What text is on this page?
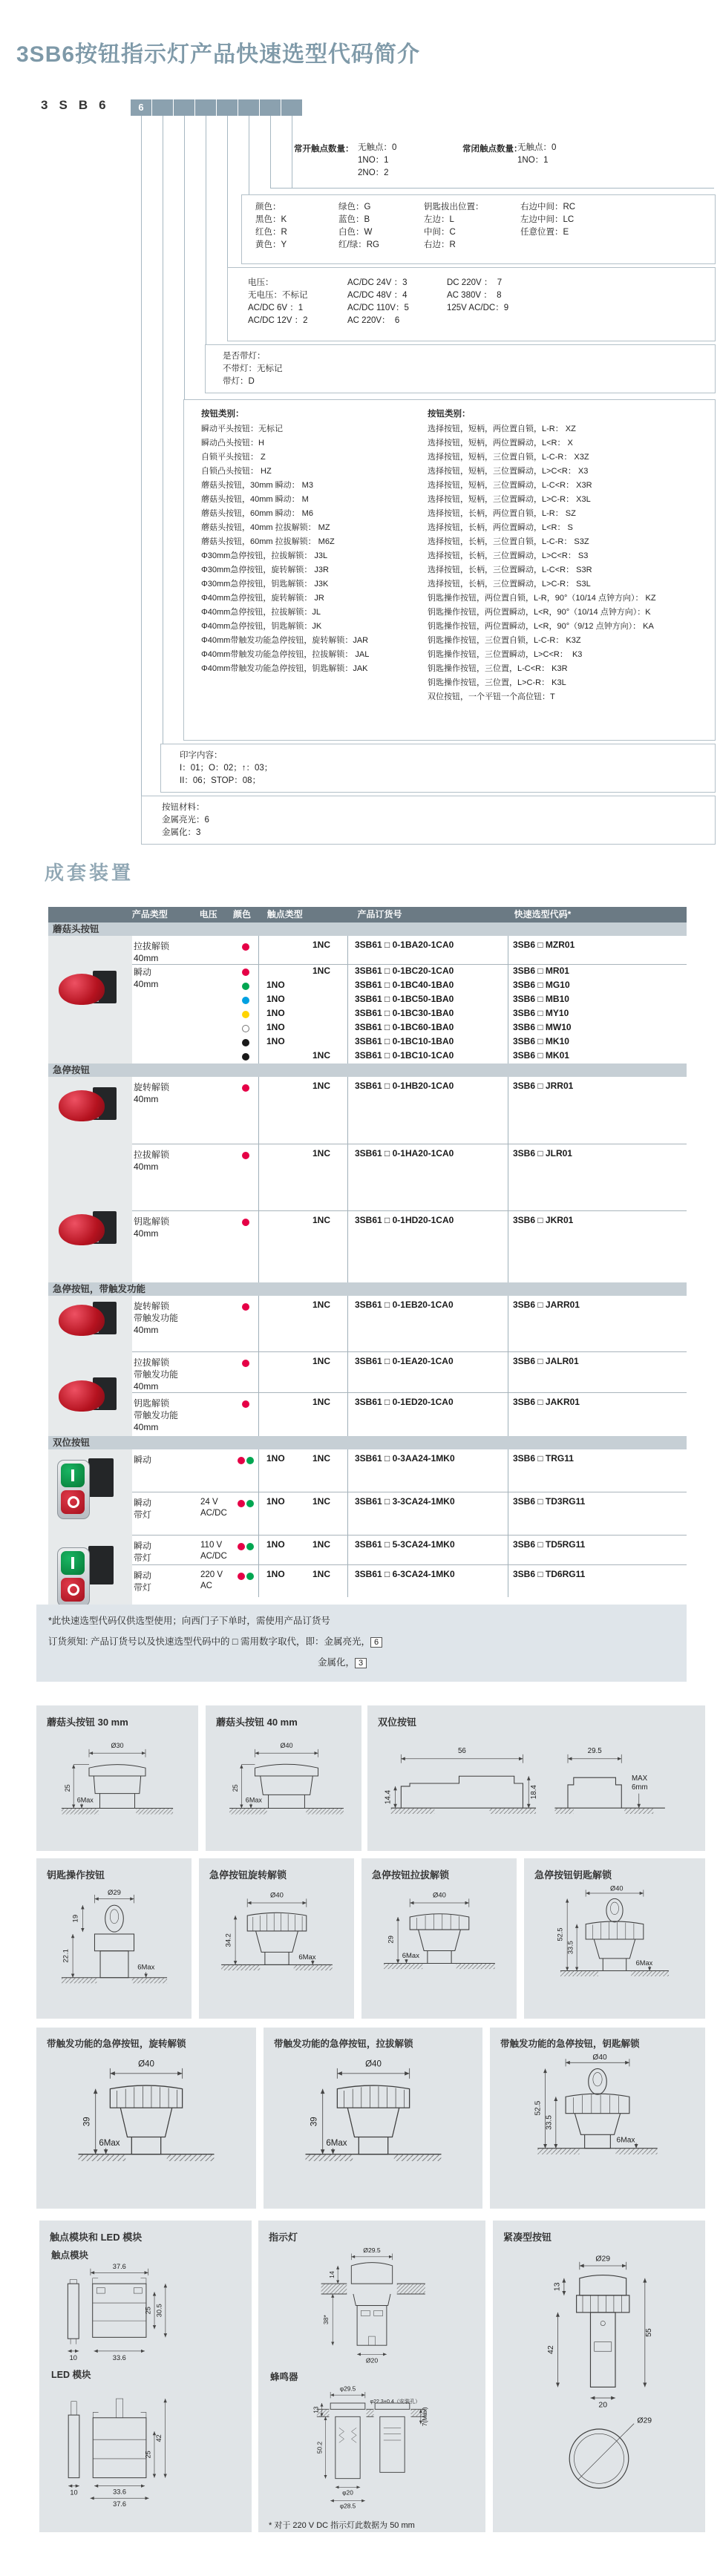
3SB6按钮指示灯产品快速选型代码简介
3 S B 6	6
常开触点数量： 无触点：0
1NO：1
2NO：2
常闭触点数量：
无触点：0
1NO：1
颜色：
黑色：K
红色：R
黄色：Y
绿色：G
蓝色：B
白色：W
红/绿：RG
钥匙拔出位置：
左边：L
中间：C
右边：R
右边中间：RC
左边中间：LC
任意位置：E
电压：
无电压：不标记
AC/DC 6V ：1
AC/DC 12V ：2
AC/DC 24V ：3
AC/DC 48V ：4
AC/DC 110V：5
AC 220V：  6
DC 220V ：  7
AC 380V ：  8
125V AC/DC：9
是否带灯：
不带灯：无标记
带灯：D
按钮类别：
瞬动平头按钮：无标记
瞬动凸头按钮：H
自锁平头按钮： Z
自锁凸头按钮： HZ
蘑菇头按钮，30mm 瞬动： M3
蘑菇头按钮，40mm 瞬动： M
蘑菇头按钮，60mm 瞬动： M6
蘑菇头按钮，40mm 拉拔解锁： MZ
蘑菇头按钮，60mm 拉拔解锁： M6Z
Φ30mm急停按钮，拉拔解锁： J3L
Φ30mm急停按钮，旋转解锁： J3R
Φ30mm急停按钮，钥匙解锁： J3K
Φ40mm急停按钮，旋转解锁： JR
Φ40mm急停按钮，拉拔解锁：JL
Φ40mm急停按钮，钥匙解锁：JK
Φ40mm带触发功能急停按钮，旋转解锁：JAR
Φ40mm带触发功能急停按钮，拉拔解锁： JAL
Φ40mm带触发功能急停按钮，钥匙解锁：JAK
按钮类别：
选择按钮，短柄，两位置自锁，L-R： XZ
选择按钮，短柄，两位置瞬动，L<R： X
选择按钮，短柄，三位置自锁，L-C-R： X3Z
选择按钮，短柄，三位置瞬动，L>C<R： X3
选择按钮，短柄，三位置瞬动，L-C<R： X3R
选择按钮，短柄，三位置瞬动，L>C-R： X3L
选择按钮，长柄，两位置自锁，L-R： SZ
选择按钮，长柄，两位置瞬动，L<R： S
选择按钮，长柄，三位置自锁，L-C-R： S3Z
选择按钮，长柄，三位置瞬动，L>C<R： S3
选择按钮，长柄，三位置瞬动，L-C<R： S3R
选择按钮，长柄，三位置瞬动，L>C-R： S3L
钥匙操作按钮，两位置自锁，L-R，90°（10/14 点钟方向）： KZ
钥匙操作按钮，两位置瞬动，L<R，90°（10/14 点钟方向）：K
钥匙操作按钮，两位置瞬动，L<R，90°（9/12 点钟方向）： KA
钥匙操作按钮，三位置自锁，L-C-R： K3Z
钥匙操作按钮，三位置瞬动，L>C<R：  K3
钥匙操作按钮，三位置，L-C<R： K3R
钥匙操作按钮，三位置，L>C-R： K3L
双位按钮，一个平钮一个高位钮：T
印字内容：
I：01；O：02；↑：03；
II：06；STOP：08；
按钮材料：
金属亮光：6
金属化：3
成套装置
产品类型	电压	颜色	触点类型	产品订货号	快速选型代码*
蘑菇头按钮
拉拔解锁
40mm
1NC	3SB61 □ 0-1BA20-1CA0	3SB6 □ MZR01
瞬动
40mm
1NC	3SB61 □ 0-1BC20-1CA0	3SB6 □ MR01
1NO	3SB61 □ 0-1BC40-1BA0	3SB6 □ MG10
1NO	3SB61 □ 0-1BC50-1BA0	3SB6 □ MB10
1NO	3SB61 □ 0-1BC30-1BA0	3SB6 □ MY10
1NO	3SB61 □ 0-1BC60-1BA0	3SB6 □ MW10
1NO	3SB61 □ 0-1BC10-1BA0	3SB6 □ MK10
1NC	3SB61 □ 0-1BC10-1CA0	3SB6 □ MK01
急停按钮
旋转解锁
40mm
1NC	3SB61 □ 0-1HB20-1CA0	3SB6 □ JRR01
拉拔解锁
40mm
1NC	3SB61 □ 0-1HA20-1CA0	3SB6 □ JLR01
钥匙解锁
40mm
1NC	3SB61 □ 0-1HD20-1CA0	3SB6 □ JKR01
急停按钮，带触发功能
旋转解锁
带触发功能
40mm
1NC	3SB61 □ 0-1EB20-1CA0	3SB6 □ JARR01
拉拔解锁
带触发功能
40mm
1NC	3SB61 □ 0-1EA20-1CA0	3SB6 □ JALR01
钥匙解锁
带触发功能
40mm
1NC	3SB61 □ 0-1ED20-1CA0	3SB6 □ JAKR01
双位按钮
瞬动	1NO	1NC	3SB61 □ 0-3AA24-1MK0	3SB6 □ TRG11
瞬动
带灯
24 V
AC/DC
1NO	1NC	3SB61 □ 3-3CA24-1MK0	3SB6 □ TD3RG11
瞬动
带灯
110 V
AC/DC
1NO	1NC	3SB61 □ 5-3CA24-1MK0	3SB6 □ TD5RG11
瞬动
带灯
220 V
AC
1NO	1NC	3SB61 □ 6-3CA24-1MK0	3SB6 □ TD6RG11
*此快速选型代码仅供选型使用；向西门子下单时，需使用产品订货号
订货须知: 产品订货号以及快速选型代码中的 □ 需用数字取代，即：金属亮光， 6
金属化， 3
蘑菇头按钮 30 mm
Ø30
25
6Max
蘑菇头按钮 40 mm
Ø40
25
6Max
双位按钮
56
14.4	18.4
29.5
MAX
6mm
钥匙操作按钮
Ø29
19
22.1
6Max
急停按钮旋转解锁
Ø40
34.2
6Max
急停按钮拉拔解锁
Ø40
29
6Max
急停按钮钥匙解锁
Ø40
52.5
33.5
6Max
带触发功能的急停按钮，旋转解锁
Ø40
39
6Max
带触发功能的急停按钮，拉拔解锁
Ø40
39
6Max
带触发功能的急停按钮，钥匙解锁
Ø40
52.5
33.5
6Max
触点模块和 LED 模块
触点模块
37.6
25 30.5
10	33.6
LED 模块
42
25
10	33.6
37.6
指示灯
Ø29.5
14
38*
Ø20
蜂鸣器
φ29.5
φ22.3+0.4（安装孔）
13	7(Max)
50.2
φ20
φ28.5
* 对于 220 V DC 指示灯此数据为 50 mm
紧凑型按钮
Ø29
13
42
55
20
Ø29
